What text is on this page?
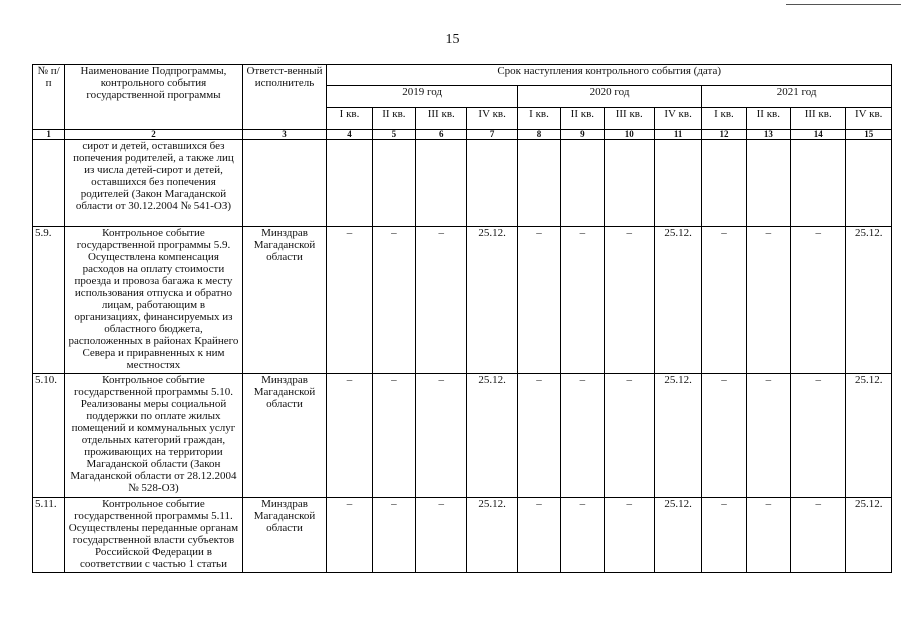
15
№ п/п	Наименование Подпрограммы, контрольного события государственной программы	Ответст-венный исполнитель	Срок наступления контрольного события (дата)											
			2019 год				2020 год				2021 год			
			I кв.	II кв.	III кв.	IV кв.	I кв.	II кв.	III кв.	IV кв.	I кв.	II кв.	III кв.	IV кв.
1	2	3	4	5	6	7	8	9	10	11	12	13	14	15
	сирот и детей, оставшихся без попечения родителей, а также лиц из числа детей-сирот и детей, оставшихся без попечения родителей (Закон Магаданской области от 30.12.2004 № 541-ОЗ)													
5.9.	Контрольное событие государственной программы 5.9. Осуществлена компенсация расходов на оплату стоимости проезда и провоза багажа к месту использования отпуска и обратно лицам, работающим в организациях, финансируемых из областного бюджета, расположенных в районах Крайнего Севера и приравненных к ним местностях	Минздрав Магаданской области	–	–	–	25.12.	–	–	–	25.12.	–	–	–	25.12.
5.10.	Контрольное событие государственной программы 5.10. Реализованы меры социальной поддержки по оплате жилых помещений и коммунальных услуг отдельных категорий граждан, проживающих на территории Магаданской области (Закон Магаданской области от 28.12.2004 № 528-ОЗ)	Минздрав Магаданской области	–	–	–	25.12.	–	–	–	25.12.	–	–	–	25.12.
5.11.	Контрольное событие государственной программы 5.11. Осуществлены переданные органам государственной власти субъектов Российской Федерации в соответствии с частью 1 статьи	Минздрав Магаданской области	–	–	–	25.12.	–	–	–	25.12.	–	–	–	25.12.
